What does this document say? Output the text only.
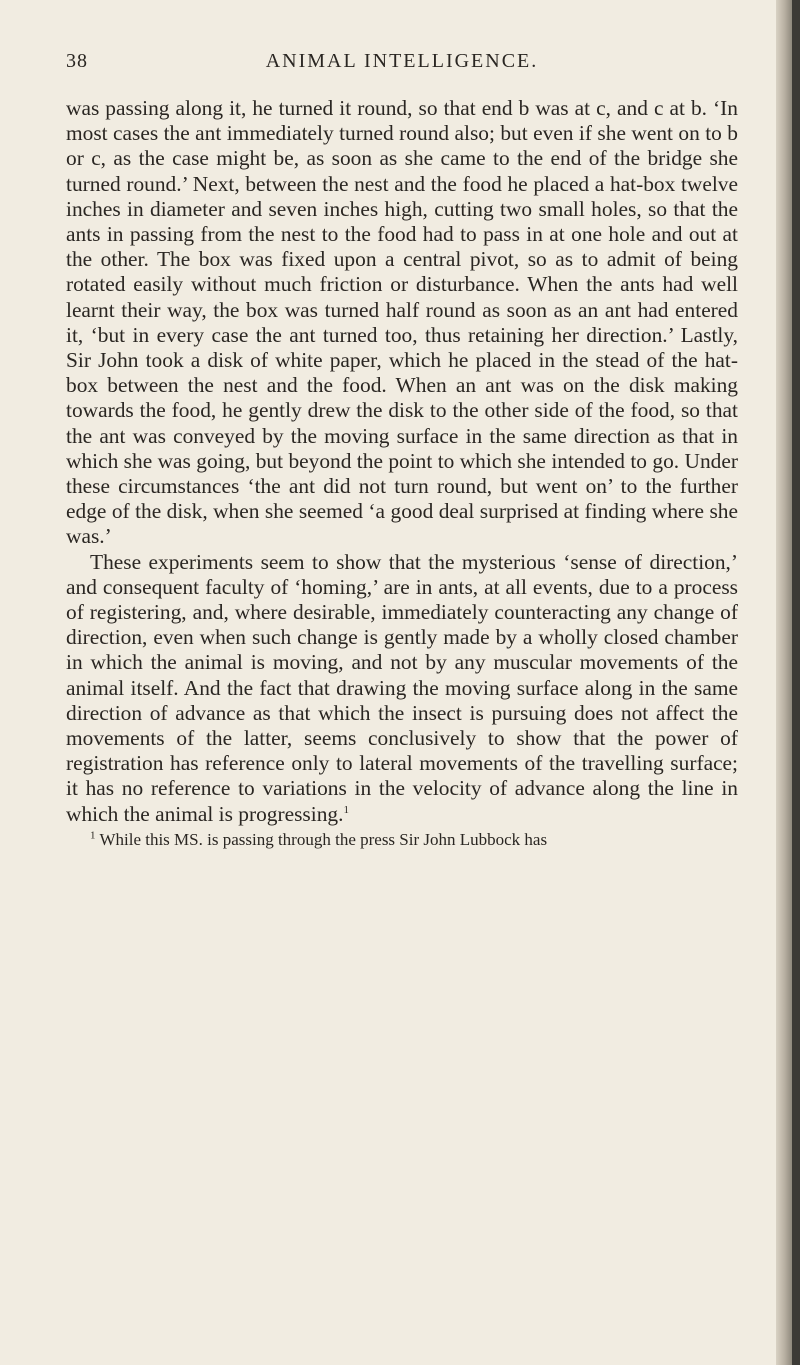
38	ANIMAL INTELLIGENCE.

was passing along it, he turned it round, so that end b was at c, and c at b. ‘In most cases the ant immediately turned round also; but even if she went on to b or c, as the case might be, as soon as she came to the end of the bridge she turned round.’ Next, between the nest and the food he placed a hat-box twelve inches in diameter and seven inches high, cutting two small holes, so that the ants in passing from the nest to the food had to pass in at one hole and out at the other. The box was fixed upon a central pivot, so as to admit of being rotated easily without much friction or disturbance. When the ants had well learnt their way, the box was turned half round as soon as an ant had entered it, ‘but in every case the ant turned too, thus retaining her direction.’ Lastly, Sir John took a disk of white paper, which he placed in the stead of the hat-box between the nest and the food. When an ant was on the disk making towards the food, he gently drew the disk to the other side of the food, so that the ant was conveyed by the moving surface in the same direction as that in which she was going, but beyond the point to which she intended to go. Under these circumstances ‘the ant did not turn round, but went on’ to the further edge of the disk, when she seemed ‘a good deal surprised at finding where she was.’

These experiments seem to show that the mysterious ‘sense of direction,’ and consequent faculty of ‘homing,’ are in ants, at all events, due to a process of registering, and, where desirable, immediately counteracting any change of direction, even when such change is gently made by a wholly closed chamber in which the animal is moving, and not by any muscular movements of the animal itself. And the fact that drawing the moving surface along in the same direction of advance as that which the insect is pursuing does not affect the movements of the latter, seems conclusively to show that the power of registration has reference only to lateral movements of the travelling surface; it has no reference to variations in the velocity of advance along the line in which the animal is progressing.$^1$

$^1$ While this MS. is passing through the press Sir John Lubbock has
